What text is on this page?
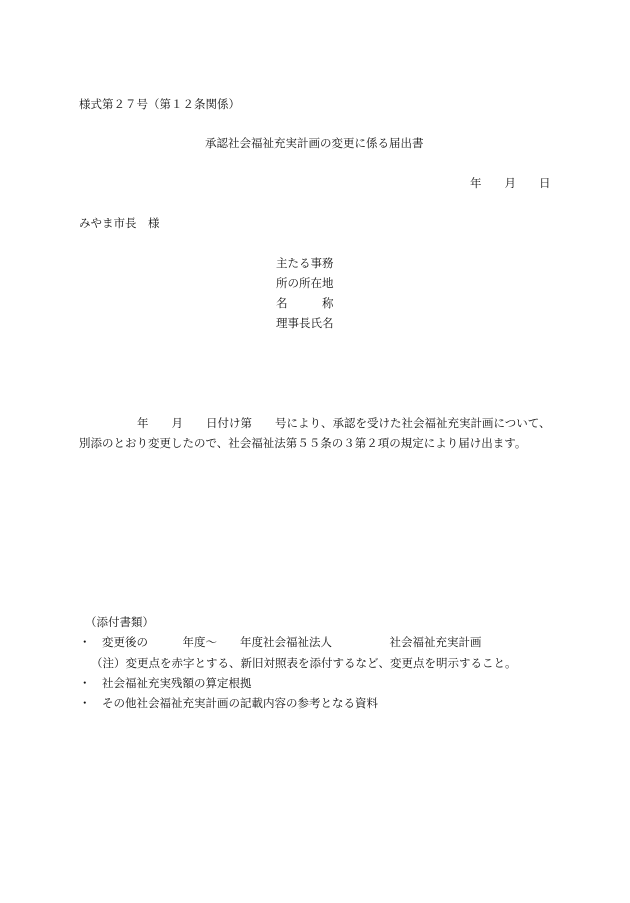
様式第２７号（第１２条関係）
承認社会福祉充実計画の変更に係る届出書
年　　月　　日
みやま市長　様
主たる事務
所の所在地
名　　　称
理事長氏名
年　　月　　日付け第　　号により、承認を受けた社会福祉充実計画について、
別添のとおり変更したので、社会福祉法第５５条の３第２項の規定により届け出ます。
（添付書類）
・　変更後の　　　年度～　　年度社会福祉法人　　　　　社会福祉充実計画
（注）変更点を赤字とする、新旧対照表を添付するなど、変更点を明示すること。
・　社会福祉充実残額の算定根拠
・　その他社会福祉充実計画の記載内容の参考となる資料
